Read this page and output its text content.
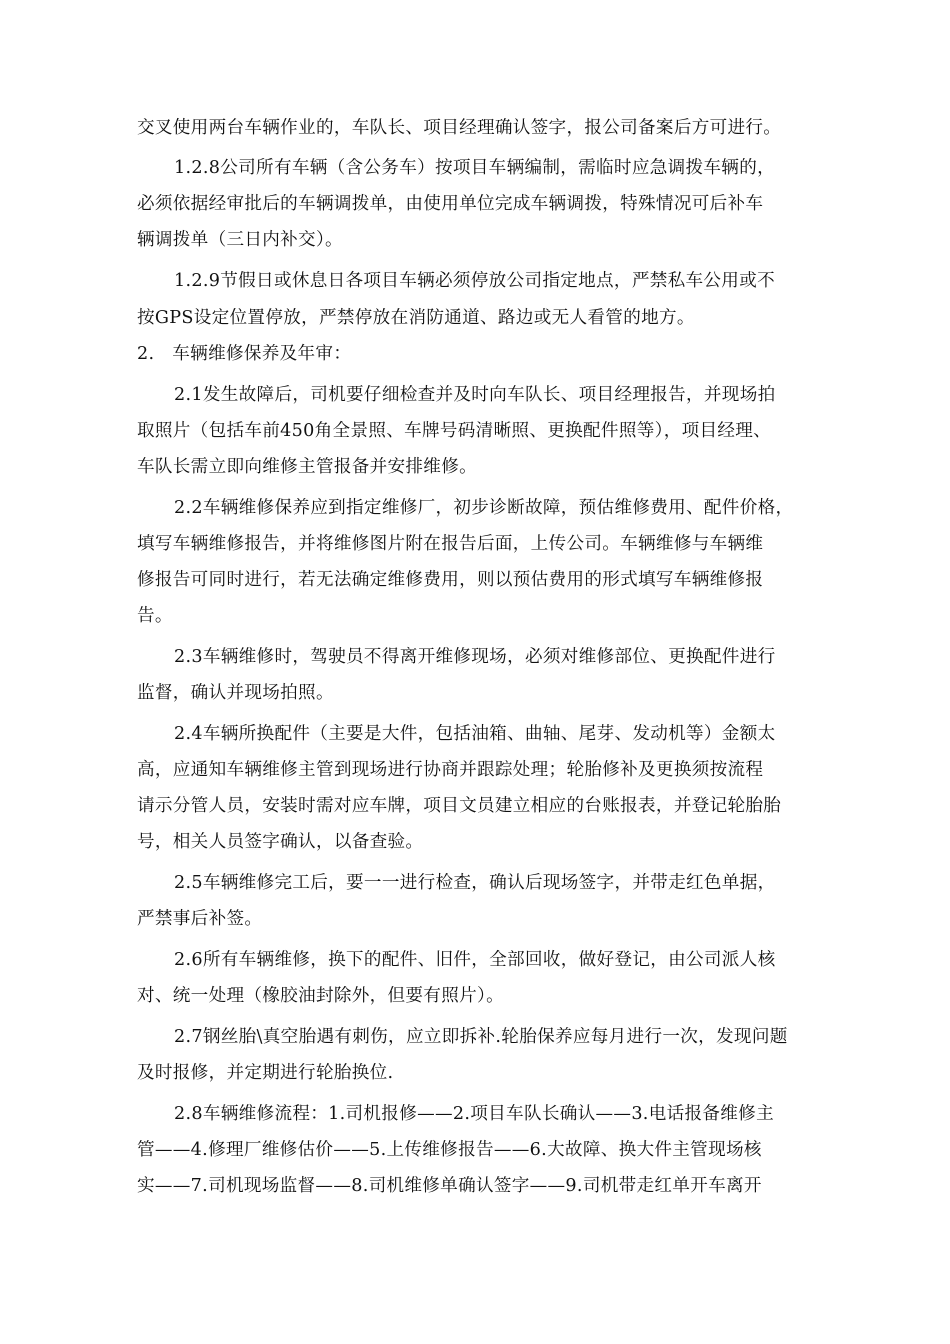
交叉使用两台车辆作业的，车队长、项目经理确认签字，报公司备案后方可进行。
1.2.8公司所有车辆（含公务车）按项目车辆编制，需临时应急调拨车辆的，
必须依据经审批后的车辆调拨单，由使用单位完成车辆调拨，特殊情况可后补车
辆调拨单（三日内补交）。
1.2.9节假日或休息日各项目车辆必须停放公司指定地点，严禁私车公用或不
按GPS设定位置停放，严禁停放在消防通道、路边或无人看管的地方。
2.　车辆维修保养及年审：
2.1发生故障后，司机要仔细检查并及时向车队长、项目经理报告，并现场拍
取照片（包括车前450角全景照、车牌号码清晰照、更换配件照等），项目经理、
车队长需立即向维修主管报备并安排维修。
2.2车辆维修保养应到指定维修厂，初步诊断故障，预估维修费用、配件价格，
填写车辆维修报告，并将维修图片附在报告后面，上传公司。车辆维修与车辆维
修报告可同时进行，若无法确定维修费用，则以预估费用的形式填写车辆维修报
告。
2.3车辆维修时，驾驶员不得离开维修现场，必须对维修部位、更换配件进行
监督，确认并现场拍照。
2.4车辆所换配件（主要是大件，包括油箱、曲轴、尾芽、发动机等）金额太
高，应通知车辆维修主管到现场进行协商并跟踪处理；轮胎修补及更换须按流程
请示分管人员，安装时需对应车牌，项目文员建立相应的台账报表，并登记轮胎胎
号，相关人员签字确认，以备查验。
2.5车辆维修完工后，要一一进行检查，确认后现场签字，并带走红色单据，
严禁事后补签。
2.6所有车辆维修，换下的配件、旧件，全部回收，做好登记，由公司派人核
对、统一处理（橡胶油封除外，但要有照片）。
2.7钢丝胎\真空胎遇有刺伤，应立即拆补.轮胎保养应每月进行一次，发现问题
及时报修，并定期进行轮胎换位.
2.8车辆维修流程：1.司机报修——2.项目车队长确认——3.电话报备维修主
管——4.修理厂维修估价——5.上传维修报告——6.大故障、换大件主管现场核
实——7.司机现场监督——8.司机维修单确认签字——9.司机带走红单开车离开
